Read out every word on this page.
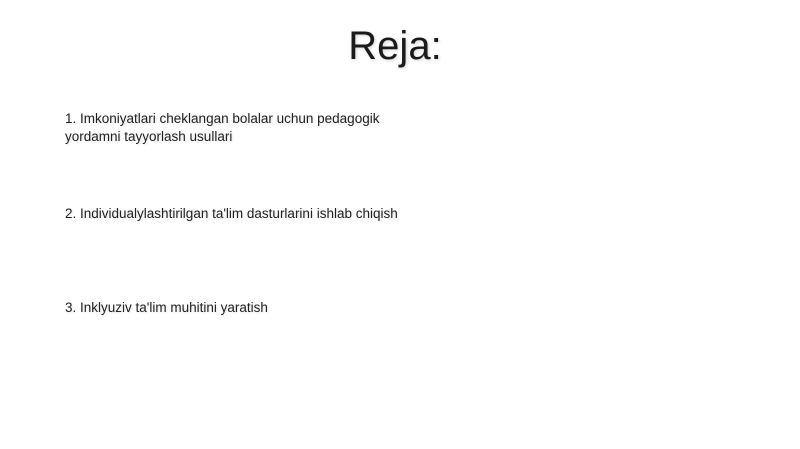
Reja:

1. Imkoniyatlari cheklangan bolalar uchun pedagogik yordamni tayyorlash usullari

2. Individualylashtirilgan ta'lim dasturlarini ishlab chiqish

3. Inklyuziv ta'lim muhitini yaratish
